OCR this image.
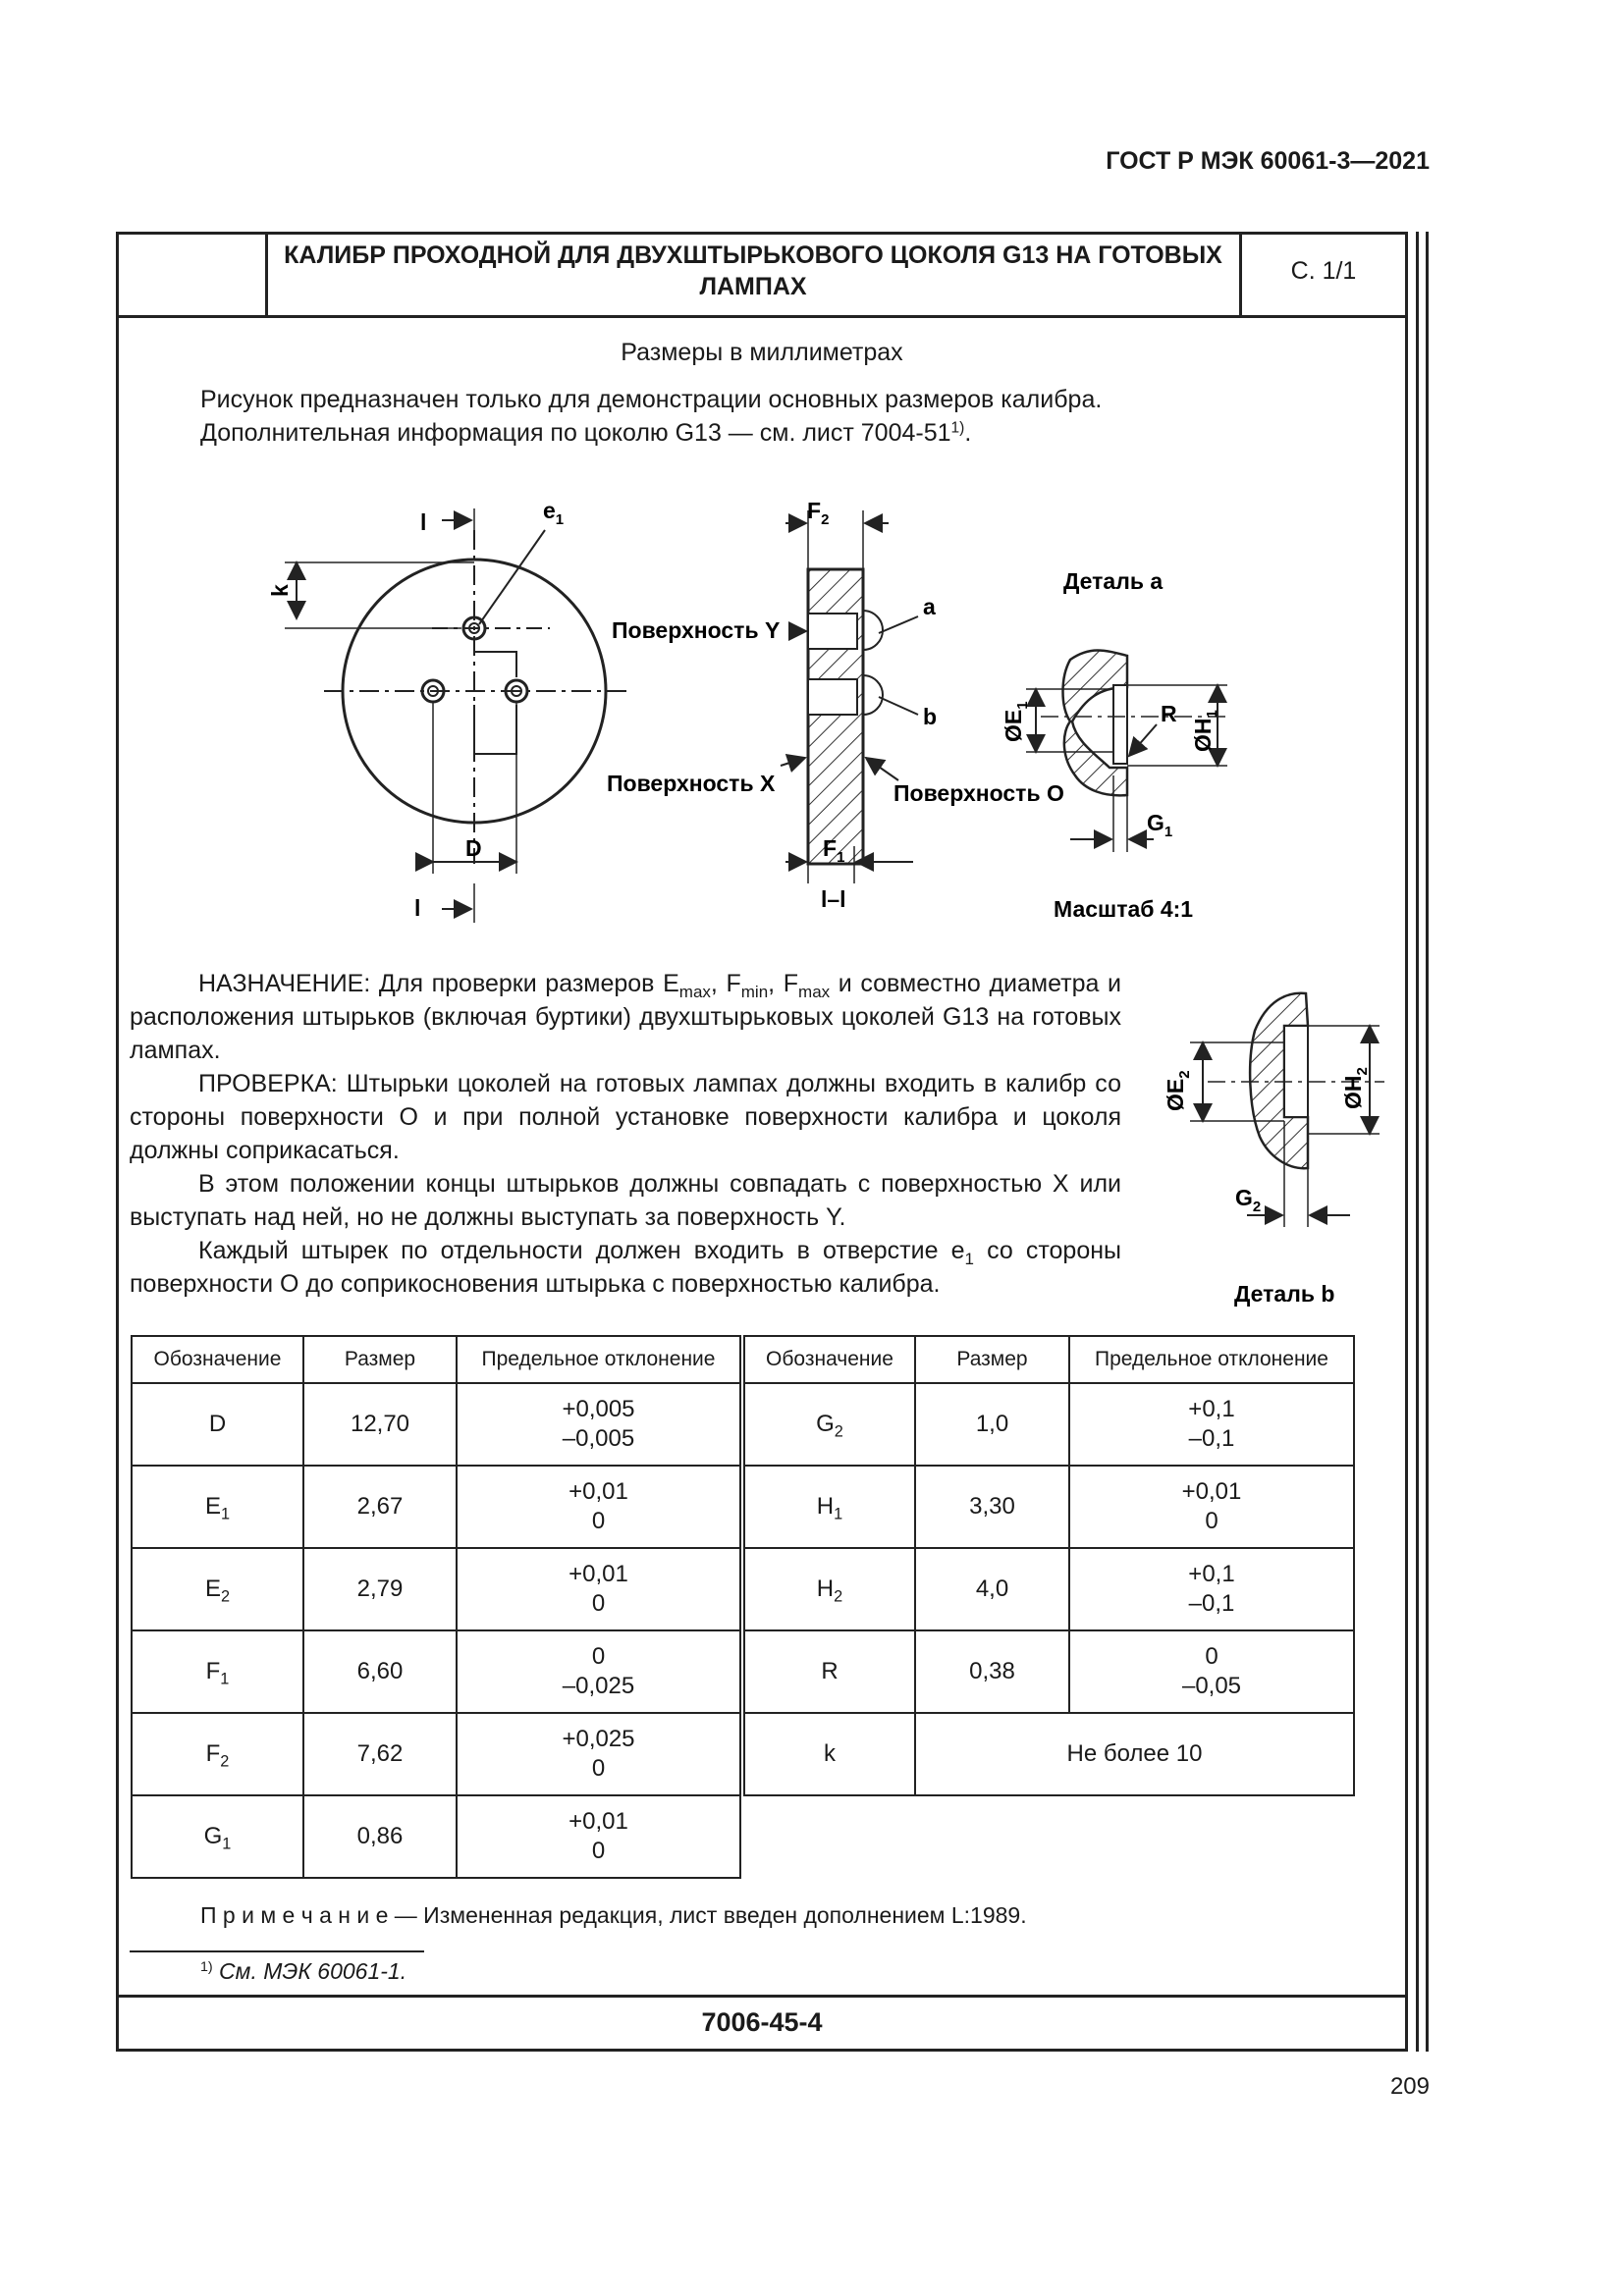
ГОСТ Р МЭК 60061-3—2021
КАЛИБР ПРОХОДНОЙ ДЛЯ ДВУХШТЫРЬКОВОГО ЦОКОЛЯ G13 НА ГОТОВЫХ ЛАМПАХ
С. 1/1
Размеры в миллиметрах
Рисунок предназначен только для демонстрации основных размеров калибра.
Дополнительная информация по цоколю G13 — см. лист 7004-51$^{1)}$.
k
l
l
D
$e_1$	$F_2$
$F_1$
l–l
Поверхность Y
Поверхность X	Поверхность O
a
b
Деталь a
$ØE_1$
$ØH_1$
R
$G_1$
Масштаб 4:1
$ØE_2$
$ØH_2$
$G_2$
Деталь b

НАЗНАЧЕНИЕ: Для проверки размеров $E_{max}$, $F_{min}$, $F_{max}$ и совместно диаметра и расположения штырьков (включая буртики) двухштырьковых цоколей G13 на готовых лампах.

ПРОВЕРКА: Штырьки цоколей на готовых лампах должны входить в калибр со стороны поверхности O и при полной установке поверхности калибра и цоколя должны соприкасаться.

В этом положении концы штырьков должны совпадать с поверхностью X или выступать над ней, но не должны выступать за поверхность Y.

Каждый штырек по отдельности должен входить в отверстие $e_1$ со стороны поверхности O до соприкосновения штырька с поверхностью калибра.

Обозначение	Размер	Предельное отклонение
D	12,70	+0,005
–0,005

$E_1$	2,67	+0,01
0

$E_2$	2,79	+0,01
0

$F_1$	6,60	0
–0,025

$F_2$	7,62	+0,025
0

$G_1$	0,86	+0,01
0
Обозначение	Размер	Предельное отклонение
$G_2$	1,0	+0,1
–0,1

$H_1$	3,30	+0,01
0

$H_2$	4,0	+0,1
–0,1

R	0,38	0
–0,05

k	Не более 10	
П р и м е ч а н и е — Измененная редакция, лист введен дополнением L:1989.
$^{1)}$ См. МЭК 60061-1.
7006-45-4
209
